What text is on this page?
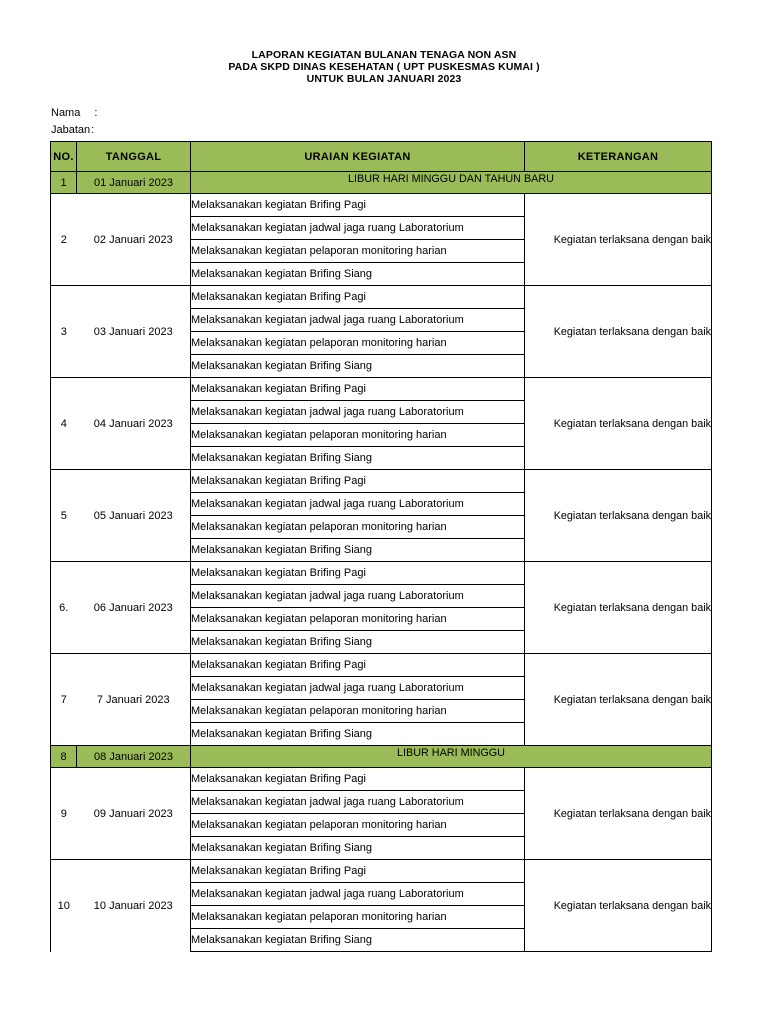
LAPORAN KEGIATAN BULANAN TENAGA NON ASN
PADA SKPD DINAS KESEHATAN ( UPT PUSKESMAS KUMAI )
UNTUK BULAN JANUARI 2023
Nama :
Jabatan:
NO.	TANGGAL	URAIAN KEGIATAN	KETERANGAN
1	01 Januari 2023	LIBUR HARI MINGGU DAN TAHUN BARU	
2	02 Januari 2023	Melaksanakan kegiatan Brifing Pagi	Kegiatan terlaksana dengan baik
		Melaksanakan kegiatan jadwal jaga ruang Laboratorium	
		Melaksanakan kegiatan pelaporan monitoring harian	
		Melaksanakan kegiatan Brifing Siang	
3	03 Januari 2023	Melaksanakan kegiatan Brifing Pagi	Kegiatan terlaksana dengan baik
		Melaksanakan kegiatan jadwal jaga ruang Laboratorium	
		Melaksanakan kegiatan pelaporan monitoring harian	
		Melaksanakan kegiatan Brifing Siang	
4	04 Januari 2023	Melaksanakan kegiatan Brifing Pagi	Kegiatan terlaksana dengan baik
		Melaksanakan kegiatan jadwal jaga ruang Laboratorium	
		Melaksanakan kegiatan pelaporan monitoring harian	
		Melaksanakan kegiatan Brifing Siang	
5	05 Januari 2023	Melaksanakan kegiatan Brifing Pagi	Kegiatan terlaksana dengan baik
		Melaksanakan kegiatan jadwal jaga ruang Laboratorium	
		Melaksanakan kegiatan pelaporan monitoring harian	
		Melaksanakan kegiatan Brifing Siang	
6.	06 Januari 2023	Melaksanakan kegiatan Brifing Pagi	Kegiatan terlaksana dengan baik
		Melaksanakan kegiatan jadwal jaga ruang Laboratorium	
		Melaksanakan kegiatan pelaporan monitoring harian	
		Melaksanakan kegiatan Brifing Siang	
7	7 Januari 2023	Melaksanakan kegiatan Brifing Pagi	Kegiatan terlaksana dengan baik
		Melaksanakan kegiatan jadwal jaga ruang Laboratorium	
		Melaksanakan kegiatan pelaporan monitoring harian	
		Melaksanakan kegiatan Brifing Siang	
8	08 Januari 2023	LIBUR HARI MINGGU	
9	09 Januari 2023	Melaksanakan kegiatan Brifing Pagi	Kegiatan terlaksana dengan baik
		Melaksanakan kegiatan jadwal jaga ruang Laboratorium	
		Melaksanakan kegiatan pelaporan monitoring harian	
		Melaksanakan kegiatan Brifing Siang	
10	10 Januari 2023	Melaksanakan kegiatan Brifing Pagi	Kegiatan terlaksana dengan baik
		Melaksanakan kegiatan jadwal jaga ruang Laboratorium	
		Melaksanakan kegiatan pelaporan monitoring harian	
		Melaksanakan kegiatan Brifing Siang	
